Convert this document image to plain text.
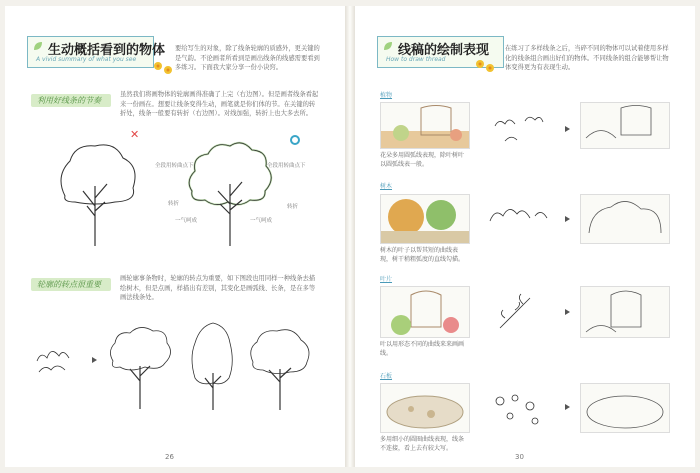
生动概括看到的物体
A vivid summary of what you see
要给写生的对象，除了线条轮廓的质感外，更关键的是气韵。不论画者所看到是画出线条的线感需要看到多练习。下面我大家分享一份小诀窍。
利用好线条的节奏
虽然我们将画物体的轮廓画得准确了上完（右边图）。但是画者线条看起来一份画在。想要让线条变得生动，画笔就是你们体的节。在关键的转折处，线条一般要有转折（右边图）。对线加强，转折上也大多去所。
✕
全段用转曲点下	全段用转曲点下
转折	转折
一气呵成	一气呵成
轮廓的转点很重要
画轮廓事条物时，轮廓的转点为重要，如下图段也用同样一种线条去描绘树木，但是点画，样描出有差别，其变化是画弧线、长条，是在多等画法线条处。
26
线稿的绘制表现
How to draw thread
在练习了多样线条之后，当碎不同的物体可以试着使用多样化的线条组合画出好们的物体。不同线条的组合能够帮让物体变得更为有表现生动。
植物
花朵多用圆弧线表现，除叶树叶以圆弧线表一般。
树木
树木的叶子以帮其短的曲线表现，树干稍粗弧度的直线勾描。
叶片
叶以用形态不同的曲线来来画画线。
石板
多用细小的圆圈曲线表现，线条不连接，看上去有较大写。
30
